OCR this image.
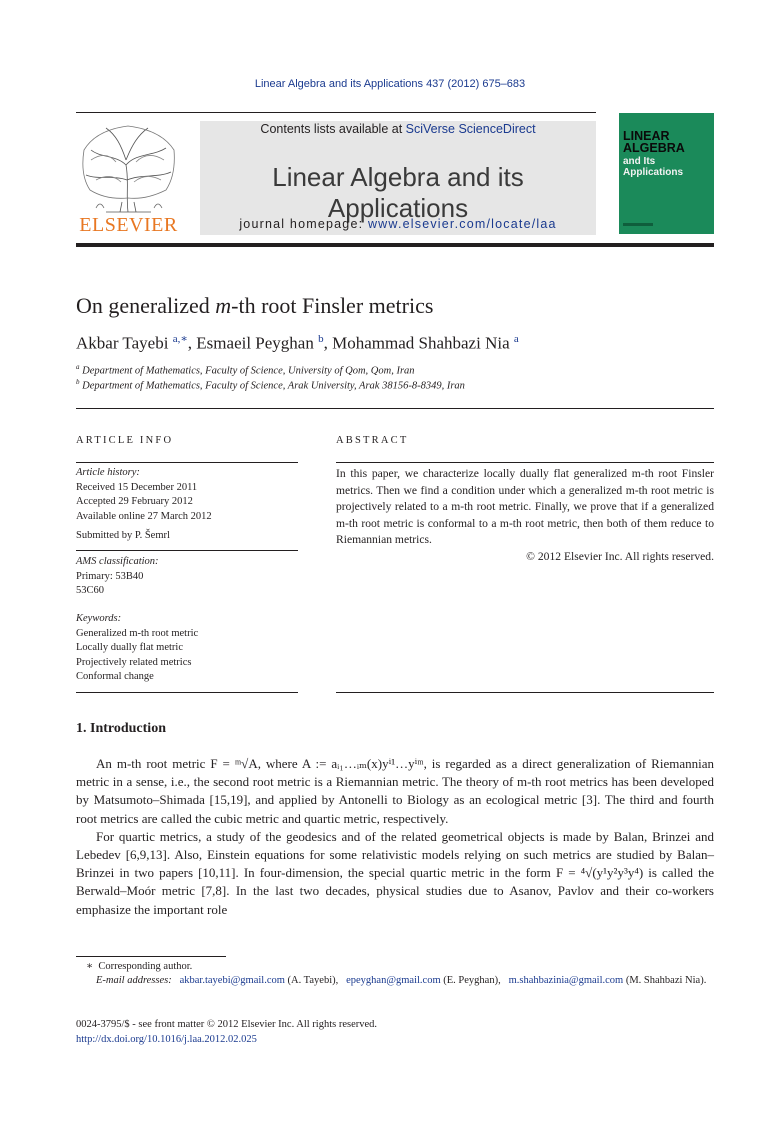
Linear Algebra and its Applications 437 (2012) 675–683
ELSEVIER
Contents lists available at SciVerse ScienceDirect
Linear Algebra and its Applications
journal homepage: www.elsevier.com/locate/laa
LINEAR
ALGEBRA
and Its
Applications
On generalized m-th root Finsler metrics
Akbar Tayebi $^{a,∗}$, Esmaeil Peyghan $^b$, Mohammad Shahbazi Nia $^a$
$^a$ Department of Mathematics, Faculty of Science, University of Qom, Qom, Iran
$^b$ Department of Mathematics, Faculty of Science, Arak University, Arak 38156-8-8349, Iran
ARTICLE INFO
Article history:
Received 15 December 2011
Accepted 29 February 2012
Available online 27 March 2012
Submitted by P. Šemrl
AMS classification:
Primary: 53B40
53C60
Keywords:
Generalized m-th root metric
Locally dually flat metric
Projectively related metrics
Conformal change
ABSTRACT
In this paper, we characterize locally dually flat generalized m-th root Finsler metrics. Then we find a condition under which a generalized m-th root metric is projectively related to a m-th root metric. Finally, we prove that if a generalized m-th root metric is conformal to a m-th root metric, then both of them reduce to Riemannian metrics.
© 2012 Elsevier Inc. All rights reserved.
1. Introduction

An m-th root metric F = ᵐ√A, where A := aᵢ₁…ᵢₘ(x)yⁱ¹…yⁱᵐ, is regarded as a direct generalization of Riemannian metric in a sense, i.e., the second root metric is a Riemannian metric. The theory of m-th root metrics has been developed by Matsumoto–Shimada [15,19], and applied by Antonelli to Biology as an ecological metric [3]. The third and fourth root metrics are called the cubic metric and quartic metric, respectively.

For quartic metrics, a study of the geodesics and of the related geometrical objects is made by Balan, Brinzei and Lebedev [6,9,13]. Also, Einstein equations for some relativistic models relying on such metrics are studied by Balan–Brinzei in two papers [10,11]. In four-dimension, the special quartic metric in the form F = ⁴√(y¹y²y³y⁴) is called the Berwald–Moór metric [7,8]. In the last two decades, physical studies due to Asanov, Pavlov and their co-workers emphasize the important role

∗ Corresponding author.
E-mail addresses: akbar.tayebi@gmail.com (A. Tayebi), epeyghan@gmail.com (E. Peyghan), m.shahbazinia@gmail.com (M. Shahbazi Nia).
0024-3795/$ - see front matter © 2012 Elsevier Inc. All rights reserved.
http://dx.doi.org/10.1016/j.laa.2012.02.025
